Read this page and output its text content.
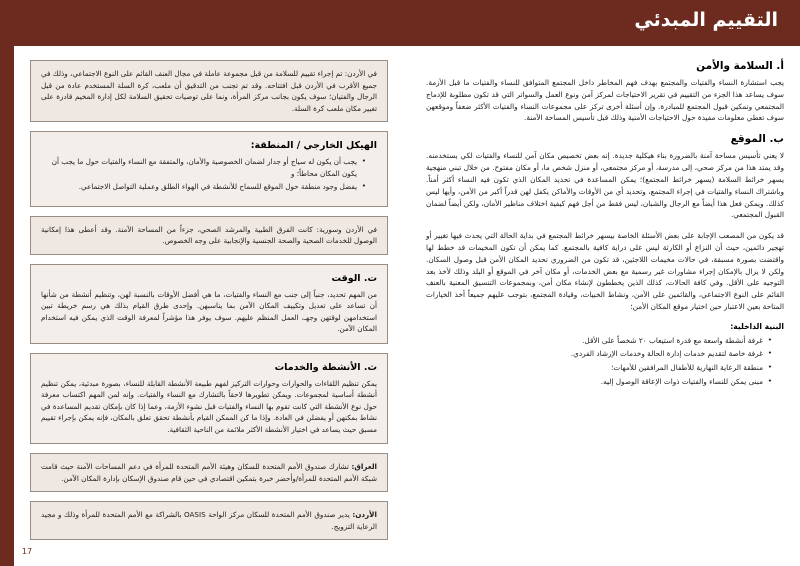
التقييم المبدئي
17
أ. السلامة والأمن

يجب استشارة النساء والفتيات والمجتمع بهدف فهم المخاطر داخل المجتمع المتوافق للنساء والفتيات ما قبل الأزمة. سوف يساعد هذا الجزء من التقييم في تقرير الاحتياجات لمركز آمن ونوع العمل والسواتر التي قد تكون مطلوبة للإدماج المجتمعي وتمكين قبول المجتمع للمبادرة. وإن أسئلة أخرى تركز على مجموعات النساء والفتيات الأكثر ضعفاً وموقعهن سوف تعطي معلومات مفيدة حول الاحتياجات الأمنية وذلك قبل تأسيس المساحة الآمنة.

ب. الموقع

لا يعني تأسيس مساحة آمنة بالضرورة بناء هيكلية جديدة. إنه بعض تخصيص مكان آمن للنساء والفتيات لكي يستخدمنه. وقد يمتد هذا من مركز صحي، إلى مدرسة، أو مركز مجتمعي، أو منزل شخص ما، أو مكان مفتوح. من خلال تبني منهجية يسهر خرائط السلامة (يسهر خرائط المجتمع)؛ يمكن المساعدة في تحديد المكان الذي تكون فيه النساء أكثر أمناً. وباشتراك النساء والفتيات في إجراء المجتمع، وتحديد أي من الأوقات والأماكن يكفل لهن قدراً أكبر من الأمن، وأيها ليس كذلك. ويمكن فعل هذا أيضاً مع الرجال والشبان، ليس فقط من أجل فهم كيفية اختلاف مناظير الأمان، ولكن أيضاً لضمان القبول المجتمعي.

قد يكون من المصعب الإجابة على بعض الأسئلة الخاصة بيسهر خرائط المجتمع في بداية الحالة التي يحدث فيها تغيير أو تهجير دائمين، حيث أن النزاع أو الكارثة ليس على دراية كافية بالمجتمع. كما يمكن أن تكون المخيمات قد خطط لها واقتضت بصورة مسبقة، في حالات مخيمات اللاجئين، قد تكون من الضروري تحديد المكان الأمن قبل وصول السكان. ولكن لا يزال بالإمكان إجراء مشاورات غير رسمية مع بعض الخدمات، أو مكان آخر في الموقع أو البلد وذلك لأخذ بعد التوجيه على الأقل. وفي كافة الحالات، كذلك الذين يخططون لإنشاء مكان أمن، وبمجموعات التنسيق المعنية بالعنف القائم على النوع الاجتماعي، والقائمين على الأمن، ونشاط الخبيات، وقيادة المجتمع، بتوجب عليهم جميعاً أخذ الخيارات المتاحة بعين الاعتبار حين اختيار موقع المكان الأمن؛

البنية الداخلية:
• غرفة أنشطة واسعة مع قدرة استيعاب ٢٠ شخصاً على الأقل.
• غرفة خاصة لتقديم خدمات إدارة الحالة وخدمات الإرشاد الفردي.
• منطقة الرعاية النهارية للأطفال المرافقين للأمهات؛
• مبنى يمكن للنساء والفتيات ذوات الإعاقة الوصول إليه.

في الأردن: تم إجراء تقييم للسلامة من قبل مجموعة عاملة في مجال العنف القائم على النوع الاجتماعي، وذلك في جميع الأقرب في الأردن قبل افتتاحه. وقد تم تجنب من التدقيق أن ملعب، كرة السلة المستخدم عادة من قبل الرجال والفتيان؛ سوف يكون بجانب مركز المرأة، ونما على توصيات تحقيق السلامة لكل إدارة المخيم قادرة على تغيير مكان ملعب كرة السلة.

الهيكل الخارجي / المنطقة:
• يجب أن يكون له سياج أو جدار لضمان الخصوصية والأمان، والمتفقة مع النساء والفتيات حول ما يجب أن يكون المكان محاطاً؛ و
• يفضل وجود منطقة حول الموقع للسماح للأنشطة في الهواء الطلق وعملية التواصل الاجتماعي.

في الأردن وسورية: كانت الفرق الطبية والمرشد الصحي، جزءاً من المساحة الآمنة. وقد أعطى هذا إمكانية الوصول للخدمات الصحية والصحة الجنسية والإنجابية على وجه الخصوص.

ت. الوقت

من المهم تحديد، جنباً إلى جنب مع النساء والفتيات، ما هي أفضل الأوقات بالنسبة لهن، وتنظيم أنشطة من شأنها أن تساعد على تعديل وتكييف المكان الآمن بما يناسبهن. وإحدى طرق القيام بذلك هي رسم خريطة تبين استخدامهن لوقتهن وجهـ، العمل المنظم عليهم. سوف يوفر هذا مؤشراً لمعرفة الوقت الذي يمكن فيه استخدام المكان الآمن.

ث. الأنشطة والخدمات

يمكن تنظيم اللقاءات والحوارات وحوارات التركيز لفهم طبيعة الأنشطة القابلة للنساء، بصورة مبدئية، يمكن تنظيم أنشطة أساسية لمجموعات. ويمكن تطويرها لاحقاً بالتشارك مع النساء والفتيات. وإنه لمن المهم اكتساب معرفة حول نوع الأنشطة التي كانت تقوم بها النساء والفتيات قبل نشوء الأزمة، وعما إذا كان بإمكان تقديم المساعدة في نشاط بمكنهن أو يفضلن في العادة. وإذا ما كن الممكن القيام بأنشطة تحقق تعلق بالمكان، فإنه يمكن بإجراء تقييم مسبق حيث يساعد في اختيار الأنشطة الأكثر ملائمة من الناحية الثقافية.

العراق: تشارك صندوق الأمم المتحدة للسكان وهيئة الأمم المتحدة للمرأة في دعم المساحات الآمنة حيث قامت شبكة الأمم المتحدة للمرأة/وأحضر خبرة بتمكين اقتصادي في حين قام صندوق الإسكان بإدارة المكان الآمن.

الأردن: يدير صندوق الأمم المتحدة للسكان مركز الواحة OASIS بالشراكة مع الأمم المتحدة للمرأة وذلك و مجيد الرعاية التزويج.
